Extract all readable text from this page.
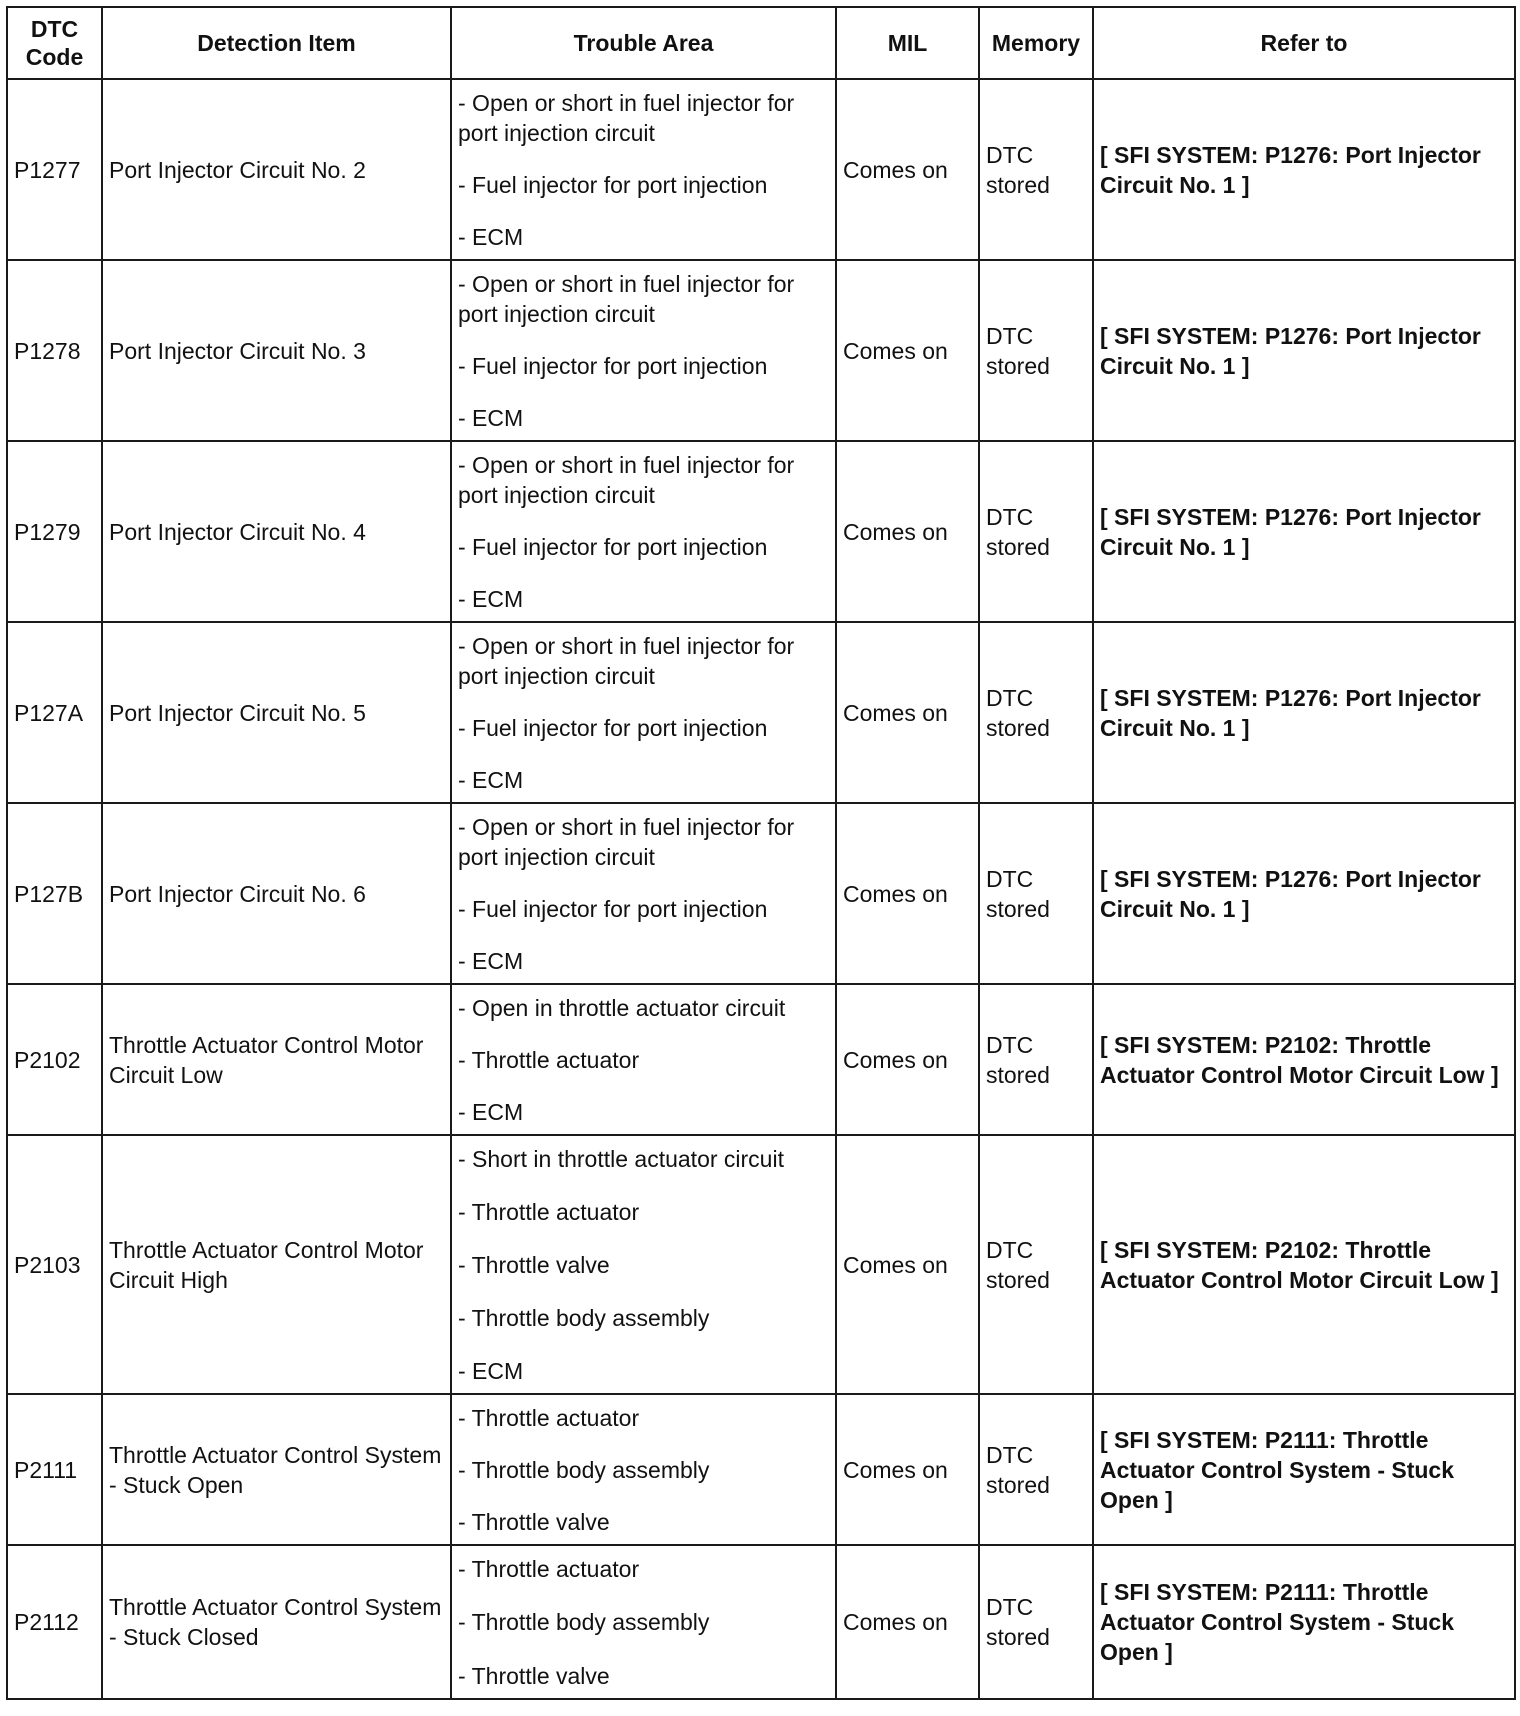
DTC Code	Detection Item	Trouble Area	MIL	Memory	Refer to
P1277	Port Injector Circuit No. 2	- Open or short in fuel injector for port injection circuit
- Fuel injector for port injection
- ECM	Comes on	DTC stored	[ SFI SYSTEM: P1276: Port Injector Circuit No. 1 ]
P1278	Port Injector Circuit No. 3	- Open or short in fuel injector for port injection circuit
- Fuel injector for port injection
- ECM	Comes on	DTC stored	[ SFI SYSTEM: P1276: Port Injector Circuit No. 1 ]
P1279	Port Injector Circuit No. 4	- Open or short in fuel injector for port injection circuit
- Fuel injector for port injection
- ECM	Comes on	DTC stored	[ SFI SYSTEM: P1276: Port Injector Circuit No. 1 ]
P127A	Port Injector Circuit No. 5	- Open or short in fuel injector for port injection circuit
- Fuel injector for port injection
- ECM	Comes on	DTC stored	[ SFI SYSTEM: P1276: Port Injector Circuit No. 1 ]
P127B	Port Injector Circuit No. 6	- Open or short in fuel injector for port injection circuit
- Fuel injector for port injection
- ECM	Comes on	DTC stored	[ SFI SYSTEM: P1276: Port Injector Circuit No. 1 ]
P2102	Throttle Actuator Control Motor Circuit Low	- Open in throttle actuator circuit
- Throttle actuator
- ECM	Comes on	DTC stored	[ SFI SYSTEM: P2102: Throttle Actuator Control Motor Circuit Low ]
P2103	Throttle Actuator Control Motor Circuit High	- Short in throttle actuator circuit
- Throttle actuator
- Throttle valve
- Throttle body assembly
- ECM	Comes on	DTC stored	[ SFI SYSTEM: P2102: Throttle Actuator Control Motor Circuit Low ]
P2111	Throttle Actuator Control System - Stuck Open	- Throttle actuator
- Throttle body assembly
- Throttle valve	Comes on	DTC stored	[ SFI SYSTEM: P2111: Throttle Actuator Control System - Stuck Open ]
P2112	Throttle Actuator Control System - Stuck Closed	- Throttle actuator
- Throttle body assembly
- Throttle valve	Comes on	DTC stored	[ SFI SYSTEM: P2111: Throttle Actuator Control System - Stuck Open ]
